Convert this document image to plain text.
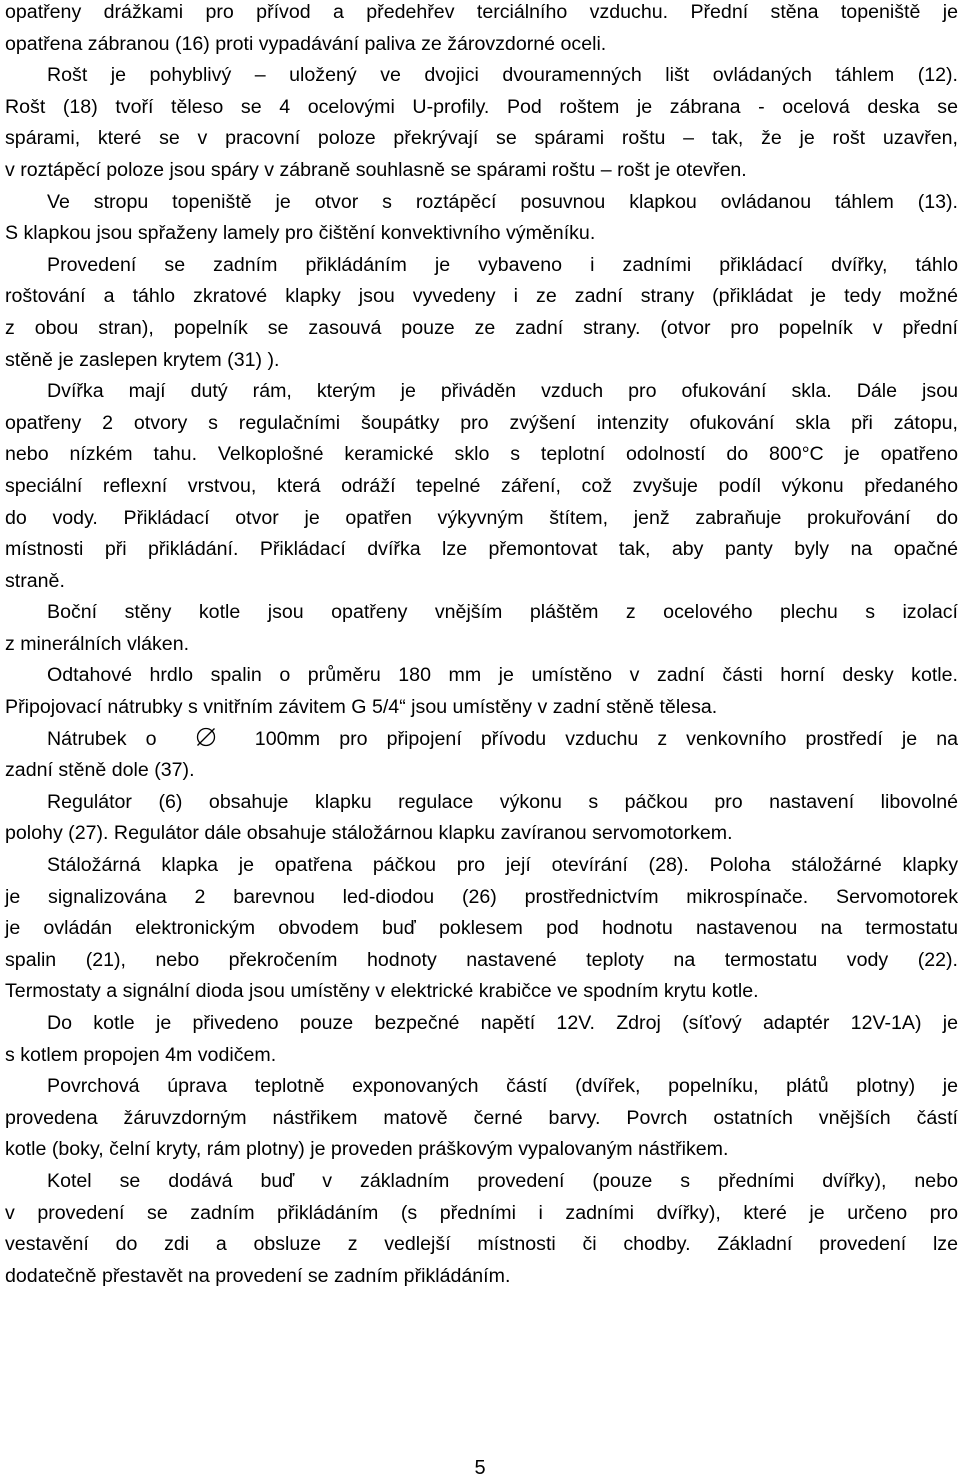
opatřeny drážkami pro přívod a předehřev terciálního vzduchu. Přední stěna topeniště je
opatřena zábranou (16) proti vypadávání paliva ze žárovzdorné oceli.
Rošt je pohyblivý – uložený ve dvojici dvouramenných lišt ovládaných táhlem (12).
Rošt (18) tvoří těleso se 4 ocelovými U-profily. Pod roštem je zábrana - ocelová deska se
spárami, které se v pracovní poloze překrývají se spárami roštu – tak, že je rošt uzavřen,
v roztápěcí poloze jsou spáry v zábraně souhlasně se spárami roštu – rošt je otevřen.
Ve stropu topeniště je otvor s roztápěcí posuvnou klapkou ovládanou táhlem (13).
S klapkou jsou spřaženy lamely pro čištění konvektivního výměníku.
Provedení se zadním přikládáním je vybaveno i zadními přikládací dvířky, táhlo
roštování a táhlo zkratové klapky jsou vyvedeny i ze zadní strany (přikládat je tedy možné
z obou stran), popelník se zasouvá pouze ze zadní strany. (otvor pro popelník v přední
stěně je zaslepen krytem (31) ).
Dvířka mají dutý rám, kterým je přiváděn vzduch pro ofukování skla. Dále jsou
opatřeny 2 otvory s regulačními šoupátky pro zvýšení intenzity ofukování skla při zátopu,
nebo nízkém tahu. Velkoplošné keramické sklo s teplotní odolností do 800°C je opatřeno
speciální reflexní vrstvou, která odráží tepelné záření, což zvyšuje podíl výkonu předaného
do vody. Přikládací otvor je opatřen výkyvným štítem, jenž zabraňuje prokuřování do
místnosti při přikládání. Přikládací dvířka lze přemontovat tak, aby panty byly na opačné
straně.
Boční stěny kotle jsou opatřeny vnějším pláštěm z ocelového plechu s izolací
z minerálních vláken.
Odtahové hrdlo spalin o průměru 180 mm je umístěno v zadní části horní desky kotle.
Připojovací nátrubky s vnitřním závitem G 5/4“ jsou umístěny v zadní stěně tělesa.
Nátrubek o	100mm pro připojení přívodu vzduchu z venkovního prostředí je na
zadní stěně dole (37).
Regulátor (6) obsahuje klapku regulace výkonu s páčkou pro nastavení libovolné
polohy (27). Regulátor dále obsahuje stáložárnou klapku zavíranou servomotorkem.
Stáložárná klapka je opatřena páčkou pro její otevírání (28). Poloha stáložárné klapky
je signalizována 2 barevnou led-diodou (26) prostřednictvím mikrospínače. Servomotorek
je ovládán elektronickým obvodem buď poklesem pod hodnotu nastavenou na termostatu
spalin (21), nebo překročením hodnoty nastavené teploty na termostatu vody (22).
Termostaty a signální dioda jsou umístěny v elektrické krabičce ve spodním krytu kotle.
Do kotle je přivedeno pouze bezpečné napětí 12V. Zdroj (síťový adaptér 12V-1A) je
s kotlem propojen 4m vodičem.
Povrchová úprava teplotně exponovaných částí (dvířek, popelníku, plátů plotny) je
provedena žáruvzdorným nástřikem matově černé barvy. Povrch ostatních vnějších částí
kotle (boky, čelní kryty, rám plotny) je proveden práškovým vypalovaným nástřikem.
Kotel se dodává buď v základním provedení (pouze s předními dvířky), nebo
v provedení se zadním přikládáním (s předními i zadními dvířky), které je určeno pro
vestavění do zdi a obsluze z vedlejší místnosti či chodby. Základní provedení lze
dodatečně přestavět na provedení se zadním přikládáním.
5
